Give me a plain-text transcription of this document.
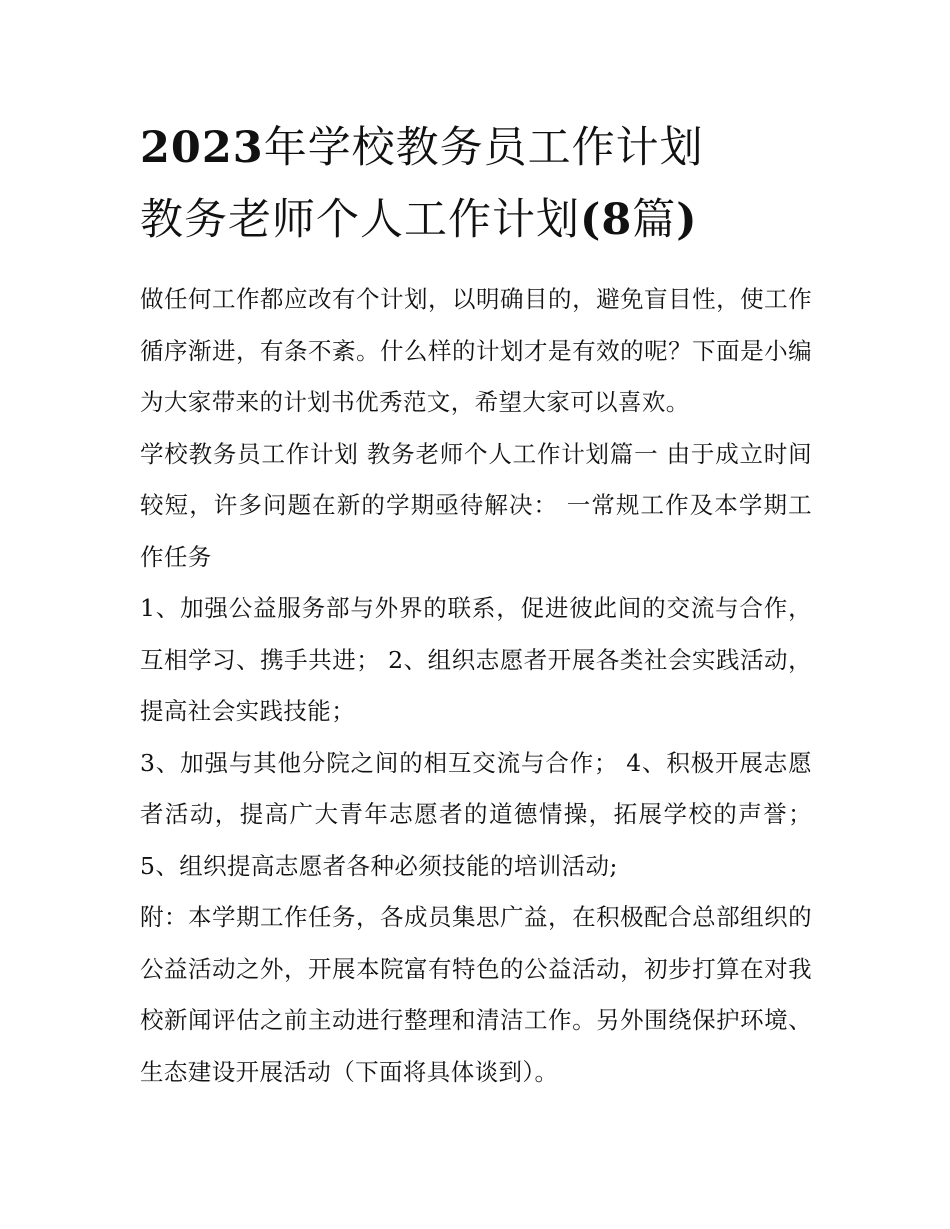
2023年学校教务员工作计划
教务老师个人工作计划(8篇)

做任何工作都应改有个计划，以明确目的，避免盲目性，使工作循序渐进，有条不紊。什么样的计划才是有效的呢？下面是小编为大家带来的计划书优秀范文，希望大家可以喜欢。

学校教务员工作计划 教务老师个人工作计划篇一 由于成立时间较短，许多问题在新的学期亟待解决： 一常规工作及本学期工作任务

1、加强公益服务部与外界的联系，促进彼此间的交流与合作，互相学习、携手共进； 2、组织志愿者开展各类社会实践活动，提高社会实践技能；

3、加强与其他分院之间的相互交流与合作； 4、积极开展志愿者活动，提高广大青年志愿者的道德情操，拓展学校的声誉； 5、组织提高志愿者各种必须技能的培训活动;

附：本学期工作任务，各成员集思广益，在积极配合总部组织的公益活动之外，开展本院富有特色的公益活动，初步打算在对我校新闻评估之前主动进行整理和清洁工作。另外围绕保护环境、生态建设开展活动（下面将具体谈到）。
